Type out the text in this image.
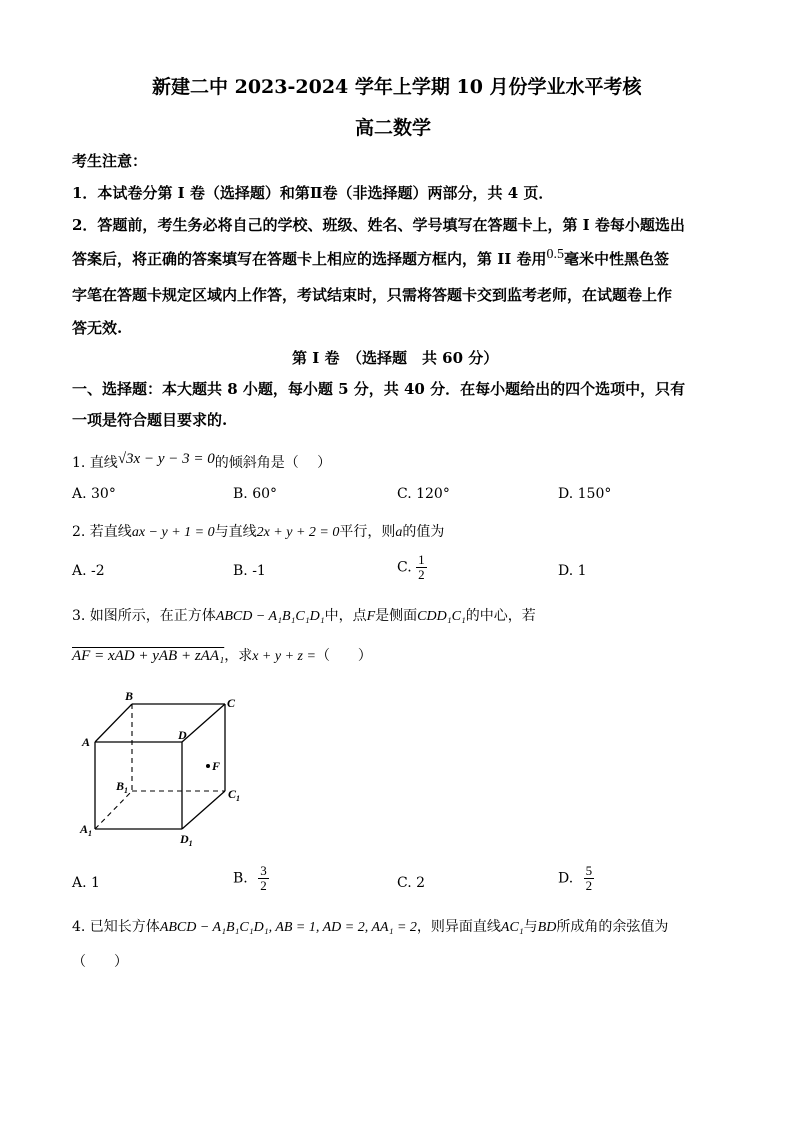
新建二中 2023-2024 学年上学期 10 月份学业水平考核
高二数学
考生注意：
1．本试卷分第 I 卷（选择题）和第Ⅱ卷（非选择题）两部分，共 4 页．
2．答题前，考生务必将自己的学校、班级、姓名、学号填写在答题卡上，第 I 卷每小题选出
答案后，将正确的答案填写在答题卡上相应的选择题方框内，第 II 卷用0.5毫米中性黑色签
字笔在答题卡规定区域内上作答，考试结束时，只需将答题卡交到监考老师，在试题卷上作
答无效.
第 I 卷　（选择题　共 60 分）
一、选择题：本大题共 8 小题，每小题 5 分，共 40 分．在每小题给出的四个选项中，只有
一项是符合题目要求的.
1. 直线√3x − y − 3 = 0的倾斜角是（　 ）
A. 30°	B. 60°	C. 120°	D. 150°
2. 若直线ax − y + 1 = 0与直线2x + y + 2 = 0平行，则a的值为
A. -2	B. -1	C. $\frac{1}{2}$	D. 1
3. 如图所示，在正方体ABCD − A₁B₁C₁D₁中，点F是侧面CDD₁C₁的中心，若
AF = xAD + yAB + zAA₁，求x + y + z =（　　）
B	C
A	D
F
$B_1$	$C_1$
$A_1$	$D_1$
A. 1	B. $\frac{3}{2}$	C. 2	D. $\frac{5}{2}$
4. 已知长方体ABCD − A₁B₁C₁D₁, AB = 1, AD = 2, AA₁ = 2，则异面直线AC₁与BD所成角的余弦值为
（　　）
